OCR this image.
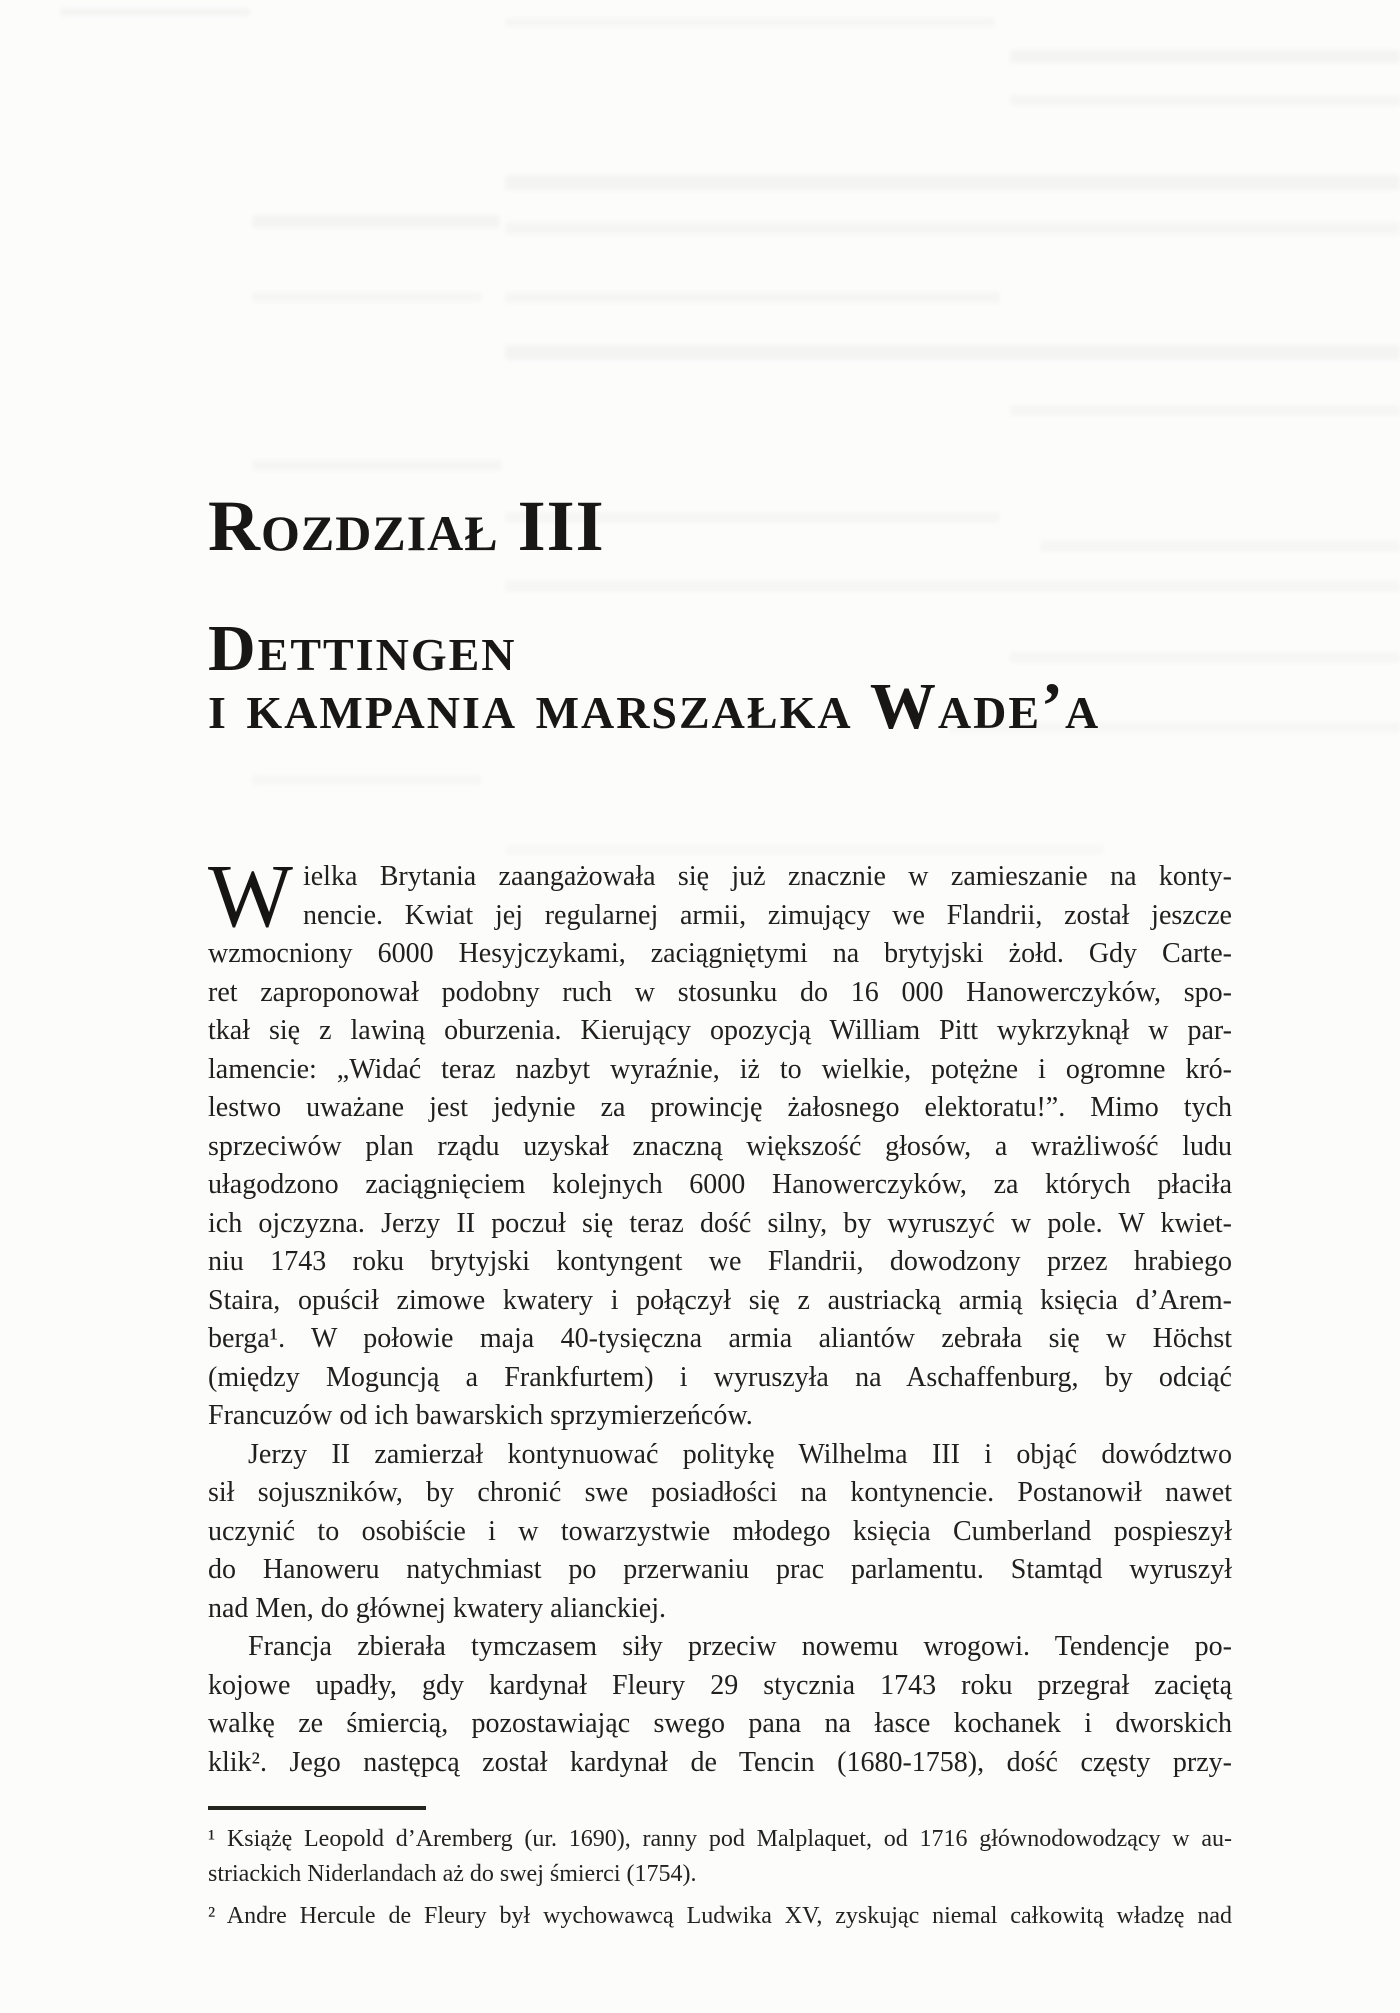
Rozdział III
Dettingen
i kampania marszałka Wade’a
W ielka Brytania zaangażowała się już znacznie w zamieszanie na konty-
nencie. Kwiat jej regularnej armii, zimujący we Flandrii, został jeszcze
wzmocniony 6000 Hesyjczykami, zaciągniętymi na brytyjski żołd. Gdy Carte-
ret zaproponował podobny ruch w stosunku do 16 000 Hanowerczyków, spo-
tkał się z lawiną oburzenia. Kierujący opozycją William Pitt wykrzyknął w par-
lamencie: „Widać teraz nazbyt wyraźnie, iż to wielkie, potężne i ogromne kró-
lestwo uważane jest jedynie za prowincję żałosnego elektoratu!”. Mimo tych
sprzeciwów plan rządu uzyskał znaczną większość głosów, a wrażliwość ludu
ułagodzono zaciągnięciem kolejnych 6000 Hanowerczyków, za których płaciła
ich ojczyzna. Jerzy II poczuł się teraz dość silny, by wyruszyć w pole. W kwiet-
niu 1743 roku brytyjski kontyngent we Flandrii, dowodzony przez hrabiego
Staira, opuścił zimowe kwatery i połączył się z austriacką armią księcia d’Arem-
berga¹. W połowie maja 40-tysięczna armia aliantów zebrała się w Höchst
(między Moguncją a Frankfurtem) i wyruszyła na Aschaffenburg, by odciąć
Francuzów od ich bawarskich sprzymierzeńców.
Jerzy II zamierzał kontynuować politykę Wilhelma III i objąć dowództwo
sił sojuszników, by chronić swe posiadłości na kontynencie. Postanowił nawet
uczynić to osobiście i w towarzystwie młodego księcia Cumberland pospieszył
do Hanoweru natychmiast po przerwaniu prac parlamentu. Stamtąd wyruszył
nad Men, do głównej kwatery alianckiej.
Francja zbierała tymczasem siły przeciw nowemu wrogowi. Tendencje po-
kojowe upadły, gdy kardynał Fleury 29 stycznia 1743 roku przegrał zaciętą
walkę ze śmiercią, pozostawiając swego pana na łasce kochanek i dworskich
klik². Jego następcą został kardynał de Tencin (1680-1758), dość częsty przy-
¹ Książę Leopold d’Aremberg (ur. 1690), ranny pod Malplaquet, od 1716 głównodowodzący w au-
striackich Niderlandach aż do swej śmierci (1754).
² Andre Hercule de Fleury był wychowawcą Ludwika XV, zyskując niemal całkowitą władzę nad
